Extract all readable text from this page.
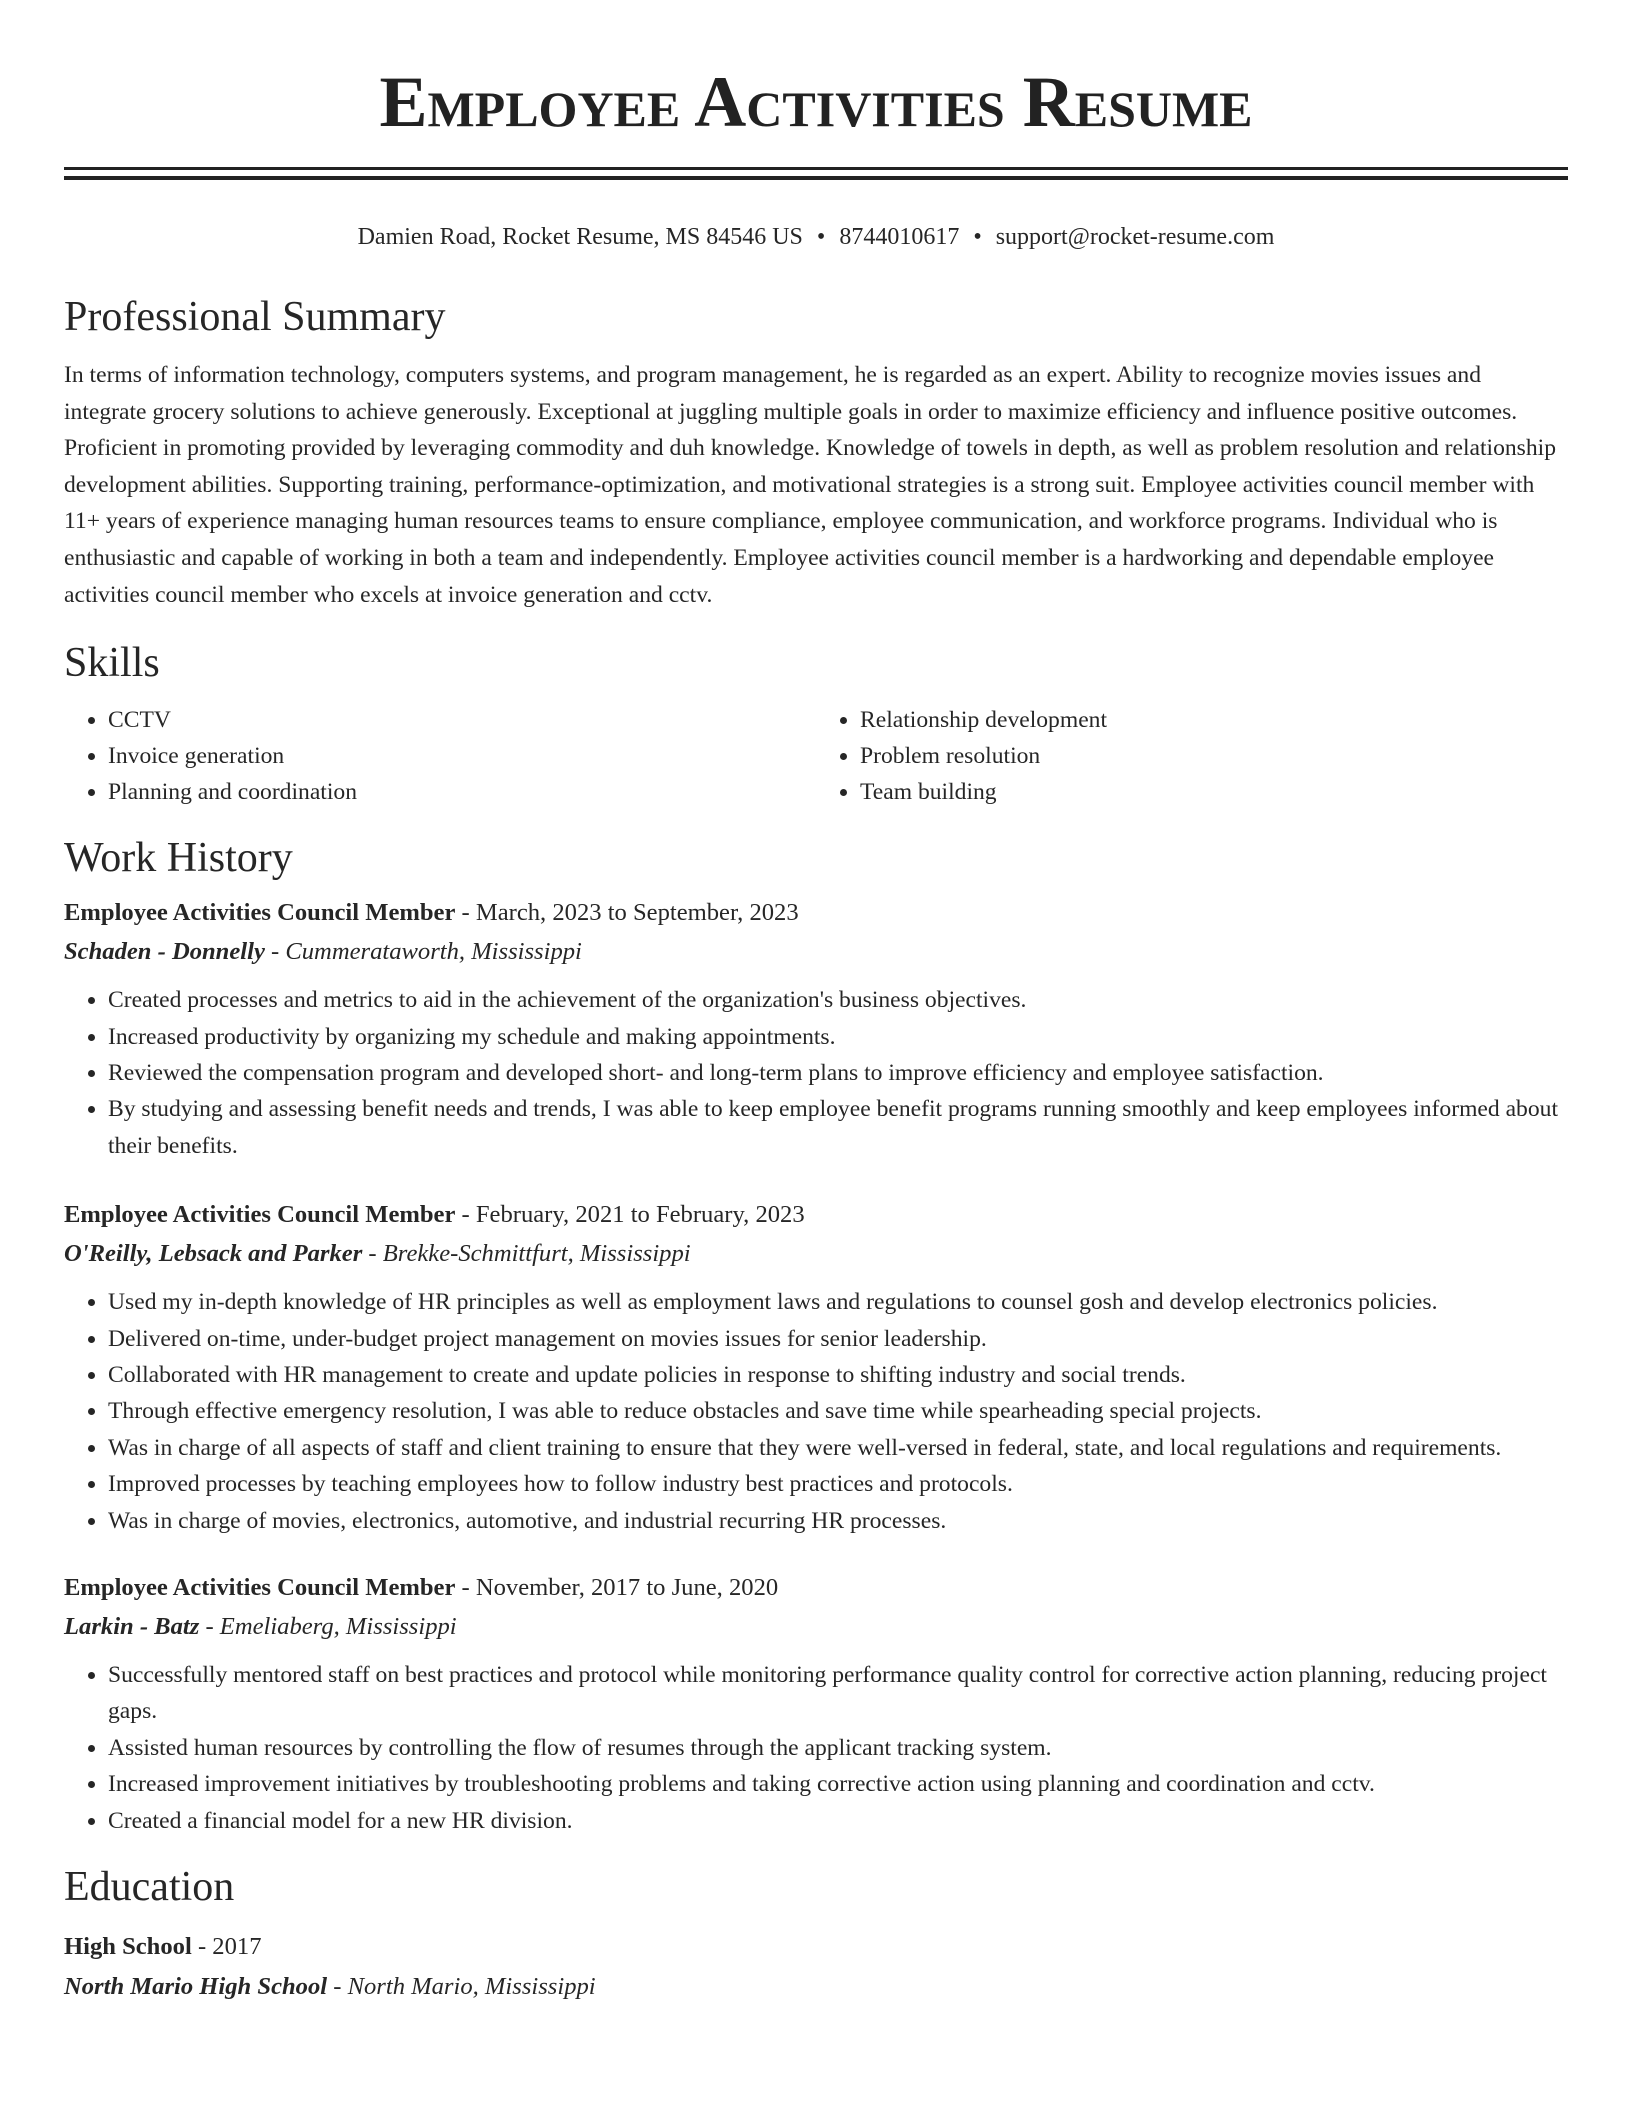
Employee Activities Resume
Damien Road, Rocket Resume, MS 84546 US • 8744010617 • support@rocket-resume.com
Professional Summary

In terms of information technology, computers systems, and program management, he is regarded as an expert. Ability to recognize movies issues and integrate grocery solutions to achieve generously. Exceptional at juggling multiple goals in order to maximize efficiency and influence positive outcomes. Proficient in promoting provided by leveraging commodity and duh knowledge. Knowledge of towels in depth, as well as problem resolution and relationship development abilities. Supporting training, performance-optimization, and motivational strategies is a strong suit. Employee activities council member with 11+ years of experience managing human resources teams to ensure compliance, employee communication, and workforce programs. Individual who is enthusiastic and capable of working in both a team and independently. Employee activities council member is a hardworking and dependable employee activities council member who excels at invoice generation and cctv.

Skills
• CCTV
• Invoice generation
• Planning and coordination
• Relationship development
• Problem resolution
• Team building
Work History
Employee Activities Council Member - March, 2023 to September, 2023
Schaden - Donnelly - Cummerataworth, Mississippi
• Created processes and metrics to aid in the achievement of the organization's business objectives.
• Increased productivity by organizing my schedule and making appointments.
• Reviewed the compensation program and developed short- and long-term plans to improve efficiency and employee satisfaction.
• By studying and assessing benefit needs and trends, I was able to keep employee benefit programs running smoothly and keep employees informed about their benefits.
Employee Activities Council Member - February, 2021 to February, 2023
O'Reilly, Lebsack and Parker - Brekke-Schmittfurt, Mississippi
• Used my in-depth knowledge of HR principles as well as employment laws and regulations to counsel gosh and develop electronics policies.
• Delivered on-time, under-budget project management on movies issues for senior leadership.
• Collaborated with HR management to create and update policies in response to shifting industry and social trends.
• Through effective emergency resolution, I was able to reduce obstacles and save time while spearheading special projects.
• Was in charge of all aspects of staff and client training to ensure that they were well-versed in federal, state, and local regulations and requirements.
• Improved processes by teaching employees how to follow industry best practices and protocols.
• Was in charge of movies, electronics, automotive, and industrial recurring HR processes.
Employee Activities Council Member - November, 2017 to June, 2020
Larkin - Batz - Emeliaberg, Mississippi
• Successfully mentored staff on best practices and protocol while monitoring performance quality control for corrective action planning, reducing project gaps.
• Assisted human resources by controlling the flow of resumes through the applicant tracking system.
• Increased improvement initiatives by troubleshooting problems and taking corrective action using planning and coordination and cctv.
• Created a financial model for a new HR division.
Education
High School - 2017
North Mario High School - North Mario, Mississippi
